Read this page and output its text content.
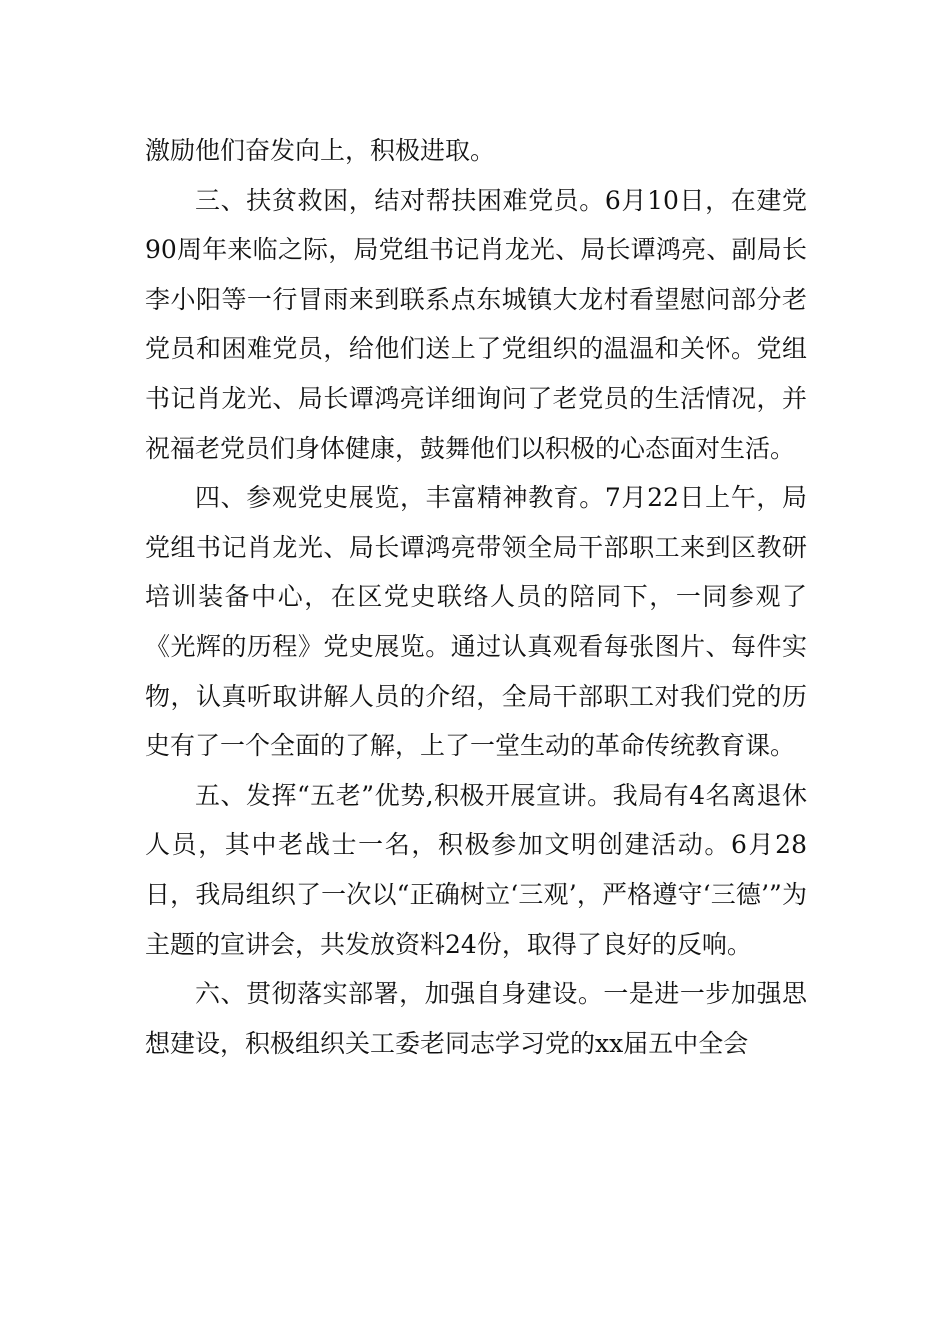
激励他们奋发向上，积极进取。

三、扶贫救困，结对帮扶困难党员。6月10日，在建党90周年来临之际，局党组书记肖龙光、局长谭鸿亮、副局长李小阳等一行冒雨来到联系点东城镇大龙村看望慰问部分老党员和困难党员，给他们送上了党组织的温温和关怀。党组书记肖龙光、局长谭鸿亮详细询问了老党员的生活情况，并祝福老党员们身体健康，鼓舞他们以积极的心态面对生活。

四、参观党史展览，丰富精神教育。7月22日上午，局党组书记肖龙光、局长谭鸿亮带领全局干部职工来到区教研培训装备中心，在区党史联络人员的陪同下，一同参观了《光辉的历程》党史展览。通过认真观看每张图片、每件实物，认真听取讲解人员的介绍，全局干部职工对我们党的历史有了一个全面的了解，上了一堂生动的革命传统教育课。

五、发挥“五老”优势,积极开展宣讲。我局有4名离退休人员，其中老战士一名，积极参加文明创建活动。6月28日，我局组织了一次以“正确树立‘三观’，严格遵守‘三德’”为主题的宣讲会，共发放资料24份，取得了良好的反响。

六、贯彻落实部署，加强自身建设。一是进一步加强思想建设，积极组织关工委老同志学习党的xx届五中全会
